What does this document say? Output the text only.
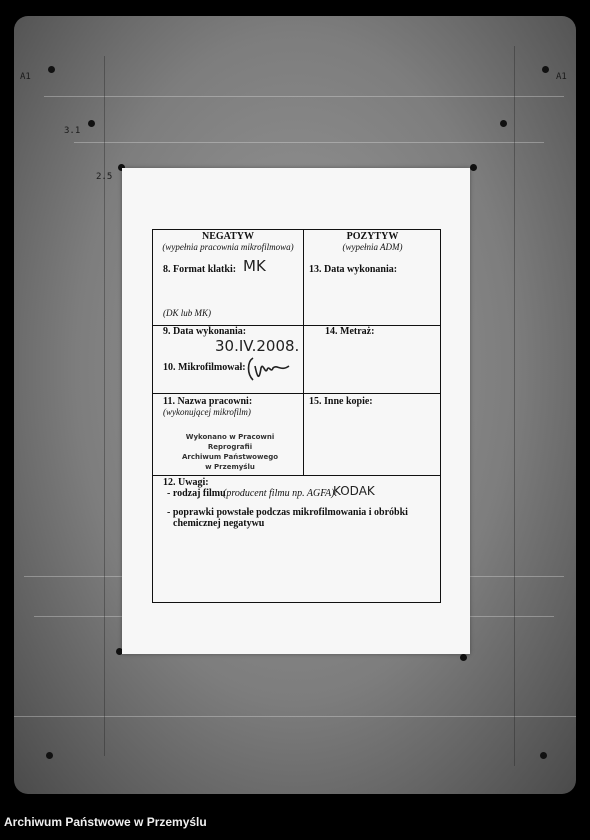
A1	A1
3.1
2.5
NEGATYW
(wypełnia pracownia mikrofilmowa)
POZYTYW
(wypełnia ADM)
8. Format klatki: MK
(DK lub MK)
13. Data wykonania:
9. Data wykonania:
30.IV.2008.
10. Mikrofilmował:
14. Metraż:
11. Nazwa pracowni:
(wykonującej mikrofilm)
Wykonano w Pracowni Reprografii
Archiwum Państwowego
w Przemyślu
15. Inne kopie:
12. Uwagi:
- rodzaj filmu
(producent filmu np. AGFA):
KODAK
- poprawki powstałe podczas mikrofilmowania i obróbki
chemicznej negatywu
Archiwum Państwowe w Przemyślu
